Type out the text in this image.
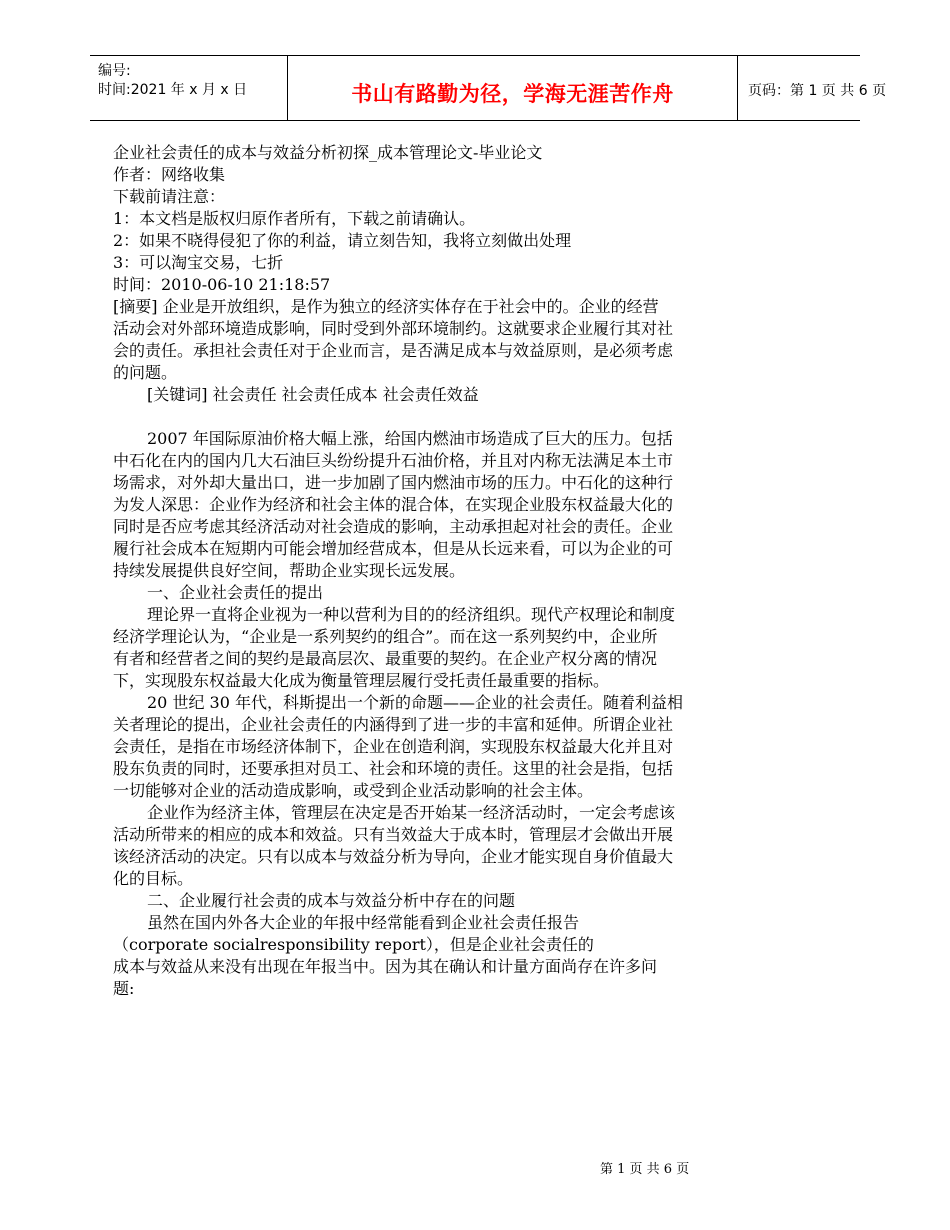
编号:
时间:2021 年 x 月 x 日	书山有路勤为径，学海无涯苦作舟	页码：第 1 页 共 6 页
企业社会责任的成本与效益分析初探_成本管理论文-毕业论文
作者：网络收集
下载前请注意：
1：本文档是版权归原作者所有，下载之前请确认。
2：如果不晓得侵犯了你的利益，请立刻告知，我将立刻做出处理
3：可以淘宝交易，七折
时间：2010-06-10 21:18:57
[摘要] 企业是开放组织，是作为独立的经济实体存在于社会中的。企业的经营
活动会对外部环境造成影响，同时受到外部环境制约。这就要求企业履行其对社
会的责任。承担社会责任对于企业而言，是否满足成本与效益原则，是必须考虑
的问题。
[关键词] 社会责任 社会责任成本 社会责任效益
2007 年国际原油价格大幅上涨，给国内燃油市场造成了巨大的压力。包括
中石化在内的国内几大石油巨头纷纷提升石油价格，并且对内称无法满足本土市
场需求，对外却大量出口，进一步加剧了国内燃油市场的压力。中石化的这种行
为发人深思：企业作为经济和社会主体的混合体，在实现企业股东权益最大化的
同时是否应考虑其经济活动对社会造成的影响，主动承担起对社会的责任。企业
履行社会成本在短期内可能会增加经营成本，但是从长远来看，可以为企业的可
持续发展提供良好空间，帮助企业实现长远发展。
一、企业社会责任的提出
理论界一直将企业视为一种以营利为目的的经济组织。现代产权理论和制度
经济学理论认为，“企业是一系列契约的组合”。而在这一系列契约中，企业所
有者和经营者之间的契约是最高层次、最重要的契约。在企业产权分离的情况
下，实现股东权益最大化成为衡量管理层履行受托责任最重要的指标。
20 世纪 30 年代，科斯提出一个新的命题——企业的社会责任。随着利益相
关者理论的提出，企业社会责任的内涵得到了进一步的丰富和延伸。所谓企业社
会责任，是指在市场经济体制下，企业在创造利润，实现股东权益最大化并且对
股东负责的同时，还要承担对员工、社会和环境的责任。这里的社会是指，包括
一切能够对企业的活动造成影响，或受到企业活动影响的社会主体。
企业作为经济主体，管理层在决定是否开始某一经济活动时，一定会考虑该
活动所带来的相应的成本和效益。只有当效益大于成本时，管理层才会做出开展
该经济活动的决定。只有以成本与效益分析为导向，企业才能实现自身价值最大
化的目标。
二、企业履行社会责的成本与效益分析中存在的问题
虽然在国内外各大企业的年报中经常能看到企业社会责任报告
（corporate socialresponsibility report），但是企业社会责任的
成本与效益从来没有出现在年报当中。因为其在确认和计量方面尚存在许多问
题:
第 1 页 共 6 页
